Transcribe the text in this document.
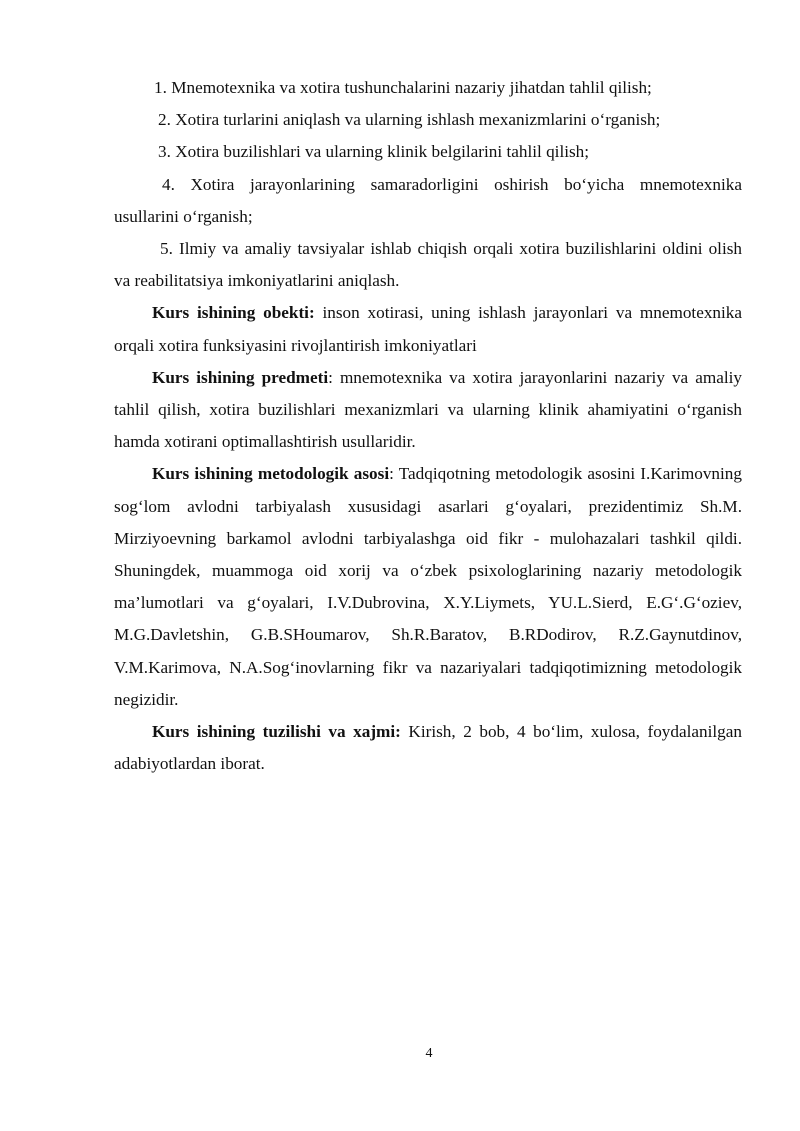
1. Mnemotexnika va xotira tushunchalarini nazariy jihatdan tahlil qilish;

2. Xotira turlarini aniqlash va ularning ishlash mexanizmlarini o‘rganish;

3. Xotira buzilishlari va ularning klinik belgilarini tahlil qilish;

4. Xotira jarayonlarining samaradorligini oshirish bo‘yicha mnemotexnika usullarini o‘rganish;

5. Ilmiy va amaliy tavsiyalar ishlab chiqish orqali xotira buzilishlarini oldini olish va reabilitatsiya imkoniyatlarini aniqlash.

Kurs ishining obekti: inson xotirasi, uning ishlash jarayonlari va mnemotexnika orqali xotira funksiyasini rivojlantirish imkoniyatlari

Kurs ishining predmeti: mnemotexnika va xotira jarayonlarini nazariy va amaliy tahlil qilish, xotira buzilishlari mexanizmlari va ularning klinik ahamiyatini o‘rganish hamda xotirani optimallashtirish usullaridir.

Kurs ishining metodologik asosi: Tadqiqotning metodologik asosini I.Karimovning sog‘lom avlodni tarbiyalash xususidagi asarlari g‘oyalari, prezidentimiz Sh.M. Mirziyoevning barkamol avlodni tarbiyalashga oid fikr - mulohazalari tashkil qildi. Shuningdek, muammoga oid xorij va o‘zbek psixologlarining nazariy metodologik ma’lumotlari va g‘oyalari, I.V.Dubrovina, X.Y.Liymets, YU.L.Sierd, E.G‘.G‘oziev, M.G.Davletshin, G.B.SHoumarov, Sh.R.Baratov, B.RDodirov, R.Z.Gaynutdinov, V.M.Karimova, N.A.Sog‘inovlarning fikr va nazariyalari tadqiqotimizning metodologik negizidir.

Kurs ishining tuzilishi va xajmi: Kirish, 2 bob, 4 bo‘lim, xulosa, foydalanilgan adabiyotlardan iborat.

4
